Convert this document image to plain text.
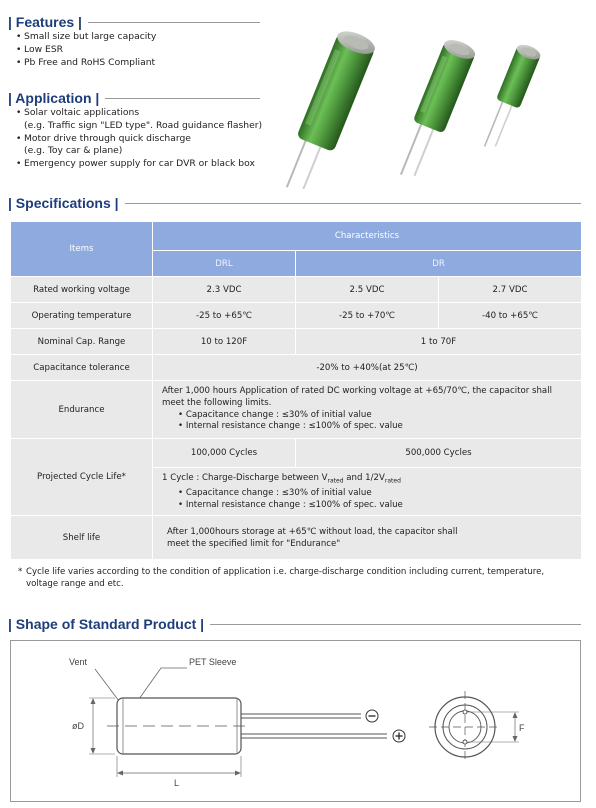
| Features |
• Small size but large capacity
• Low ESR
• Pb Free and RoHS Compliant
| Application |
• Solar voltaic applications
(e.g. Traffic sign "LED type". Road guidance flasher)
• Motor drive through quick discharge
(e.g. Toy car & plane)
• Emergency power supply for car DVR or black box
| Specifications |
Items	Characteristics		
	DRL	DR	
Rated working voltage	2.3 VDC	2.5 VDC	2.7 VDC
Operating temperature	-25 to +65℃	-25 to +70℃	-40 to +65℃
Nominal Cap. Range	10 to 120F	1 to 70F	
Capacitance tolerance	-20% to +40%(at 25℃)		
Endurance	After 1,000 hours Application of rated DC working voltage at +65/70℃, the capacitor shall
meet the following limits.
• Capacitance change : ≤30% of initial value
• Internal resistance change : ≤100% of spec. value		

Projected Cycle Life*	100,000 Cycles	500,000 Cycles	

	1 Cycle : Charge-Discharge between $V_{rated}$ and $1/2V_{rated}$
• Capacitance change : ≤30% of initial value
• Internal resistance change : ≤100% of spec. value		

Shelf life	After 1,000hours storage at +65℃ without load, the capacitor shall
meet the specified limit for "Endurance"		
* Cycle life varies according to the condition of application i.e. charge-discharge condition including current, temperature, voltage range and etc.
| Shape of Standard Product |
Vent	PET Sleeve
øD
L
F
